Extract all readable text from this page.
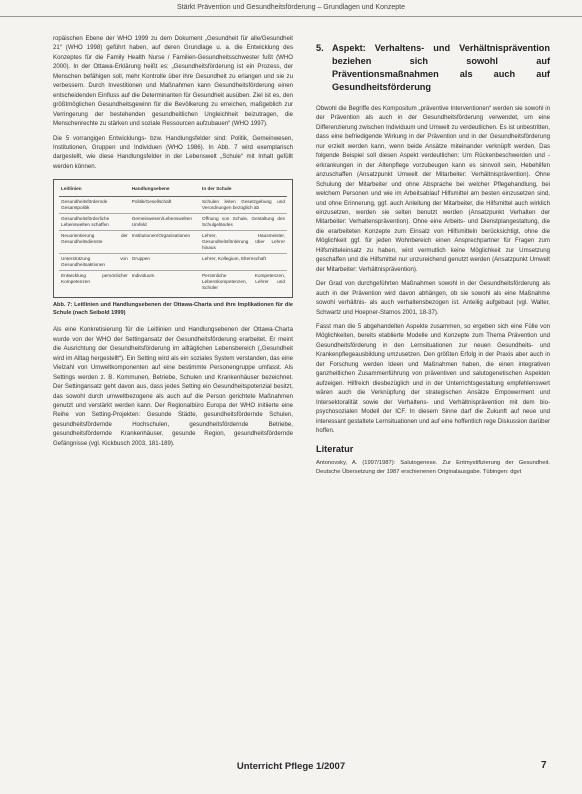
Stärkt Prävention und Gesundheitsförderung – Grundlagen und Konzepte

ropäischen Ebene der WHO 1999 zu dem Dokument „Gesundheit für alle/Gesundheit 21“ (WHO 1998) geführt haben, auf deren Grundlage u. a. die Entwicklung des Konzeptes für die Family Health Nurse / Familien-Gesundheitsschwester fußt (WHO 2000). In der Ottawa-Erklärung heißt es: „Gesundheitsförderung ist ein Prozess, der Menschen befähigen soll, mehr Kontrolle über ihre Gesundheit zu erlangen und sie zu verbessern. Durch Investitionen und Maßnahmen kann Gesundheitsförderung einen entscheidenden Einfluss auf die Determinanten für Gesundheit ausüben. Ziel ist es, den größtmöglichen Gesundheitsgewinn für die Bevölkerung zu erreichen, maßgeblich zur Verringerung der bestehenden gesundheitlichen Ungleichheit beizutragen, die Menschenrechte zu stärken und soziale Ressourcen aufzubauen“ (WHO 1997).

Die 5 vorrangigen Entwicklungs- bzw. Handlungsfelder sind: Politik, Gemeinwesen, Institutionen, Gruppen und Individuen (WHO 1986). In Abb. 7 wird exemplarisch dargestellt, wie diese Handlungsfelder in der Lebenswelt „Schule“ mit Inhalt gefüllt werden können.

Leitlinien	Handlungsebene	In der Schule
Gesundheitsfördernde Gesamtpolitik	Politik/Gesellschaft	Schulen leiten Gesetzgebung und Verordnungen bezüglich ab
Gesundheitsförderliche Lebenswelten schaffen	Gemeinwesen/Lebenswelten Umfeld	Offnung von Schule, Gestaltung des Schulgeländes
Neuorientierung der Gesundheitsdienste	Institutionen/Organisationen	Lehrer, Hausmeister, Gesundheitsförderung über Lehrer hinaus
Unterstützung von Gesundheitsaktionen	Gruppen	Lehrer, Kollegium, Elternschaft
Entwicklung persönlicher Kompetenzen	Individuum	Persönliche Kompetenzen, Lebenskompetenzen, Lehrer und Schüler
Abb. 7: Leitlinien und Handlungsebenen der Ottawa-Charta und ihre Implikationen für die Schule (nach Seibold 1999)

Als eine Konkretisierung für die Leitlinien und Handlungsebenen der Ottawa-Charta wurde von der WHO der Settingansatz der Gesundheitsförderung erarbeitet. Er meint die Ausrichtung der Gesundheitsförderung im alltäglichen Lebensbereich („Gesundheit wird im Alltag hergestellt“). Ein Setting wird als ein soziales System verstanden, das eine Vielzahl von Umweltkomponenten auf eine bestimmte Personengruppe umfasst. Als Settings werden z. B. Kommunen, Betriebe, Schulen und Krankenhäuser bezeichnet. Der Settingansatz geht davon aus, dass jedes Setting ein Gesundheitspotenzial besitzt, das sowohl durch umweltbezogene als auch auf die Person gerichtete Maßnahmen genutzt und verstärkt werden kann. Der Regionalbüro Europa der WHO initiierte eine Reihe von Setting-Projekten: Gesunde Städte, gesundheitsfördernde Schulen, gesundheitsfördernde Hochschulen, gesundheitsfördernde Betriebe, gesundheitsfördernde Krankenhäuser, gesunde Region, gesundheitsfördernde Gefängnisse (vgl. Kickbusch 2003, 181-189).

5. Aspekt: Verhaltens- und Verhältnisprävention beziehen sich sowohl auf Präventionsmaßnahmen als auch auf Gesundheitsförderung

Obwohl die Begriffe des Kompositum „präventive Interventionen“ werden sie sowohl in der Prävention als auch in der Gesundheitsförderung verwendet, um eine Differenzierung zwischen Individuum und Umwelt zu verdeutlichen. Es ist unbestritten, dass eine befriedigende Wirkung in der Prävention und in der Gesundheitsförderung nur erzielt werden kann, wenn beide Ansätze miteinander verknüpft werden. Das folgende Beispiel soll diesen Aspekt verdeutlichen: Um Rückenbeschwerden und -erkrankungen in der Altenpflege vorzubeugen kann es sinnvoll sein, Hebehilfen anzuschaffen (Ansatzpunkt Umwelt der Mitarbeiter: Verhältnisprävention). Ohne Schulung der Mitarbeiter und ohne Absprache bei welcher Pflegehandlung, bei welchem Personen und wie im Arbeitsablauf Hilfsmittel am besten einzusetzen sind, und ohne Erinnerung, ggf. auch Anleitung der Mitarbeiter, die Hilfsmittel auch wirklich einzusetzen, werden sie selten benutzt werden (Ansatzpunkt Verhalten der Mitarbeiter: Verhaltensprävention). Ohne eine Arbeits- und Dienstplangestaltung, die die erarbeiteten Konzepte zum Einsatz von Hilfsmitteln berücksichtigt, ohne die Möglichkeit ggf. für jeden Wohnbereich einen Ansprechpartner für Fragen zum Hilfsmitteleinsatz zu haben, wird vermutlich keine Möglichkeit zur Umsetzung geschaffen und die Hilfsmittel nur unzureichend genutzt werden (Ansatzpunkt Umwelt der Mitarbeiter: Verhältnisprävention).

Der Grad von durchgeführten Maßnahmen sowohl in der Gesundheitsförderung als auch in der Prävention wird davon abhängen, ob sie sowohl als eine Maßnahme sowohl verhältnis- als auch verhaltensbezogen ist. Anteilig aufgebaut (vgl. Walter, Schwartz und Hoepner-Stamos 2001, 18-37).

Fasst man die 5 abgehandelten Aspekte zusammen, so ergeben sich eine Fülle von Möglichkeiten, bereits etablierte Modelle und Konzepte zum Thema Prävention und Gesundheitsförderung in den Lernsituationen zur neuen Gesundheits- und Krankenpflegeausbildung umzusetzen. Den größten Erfolg in der Praxis aber auch in der Forschung werden Ideen und Maßnahmen haben, die einen integrativen ganzheitlichen Zusammenführung von präventiven und salutogenetischen Aspekten aufzeigen. Hilfreich diesbezüglich und in der Unterrichtsgestaltung empfehlenswert wären auch die Verknüpfung der strategischen Ansätze Empowerment und Intersektoralität sowie der Verhaltens- und Verhältnisprävention mit dem bio-psychosozialen Modell der ICF. In diesem Sinne darf die Zukunft auf neue und interessant gestaltete Lernsituationen und auf eine hoffentlich rege Diskussion darüber hoffen.

Literatur
Antonovsky, A. (1997/1987): Salutogenese. Zur Entmystifizierung der Gesundheit. Deutsche Übersetzung der 1987 erschienenen Originalausgabe. Tübingen: dgvt
Unterricht Pflege 1/2007	7
